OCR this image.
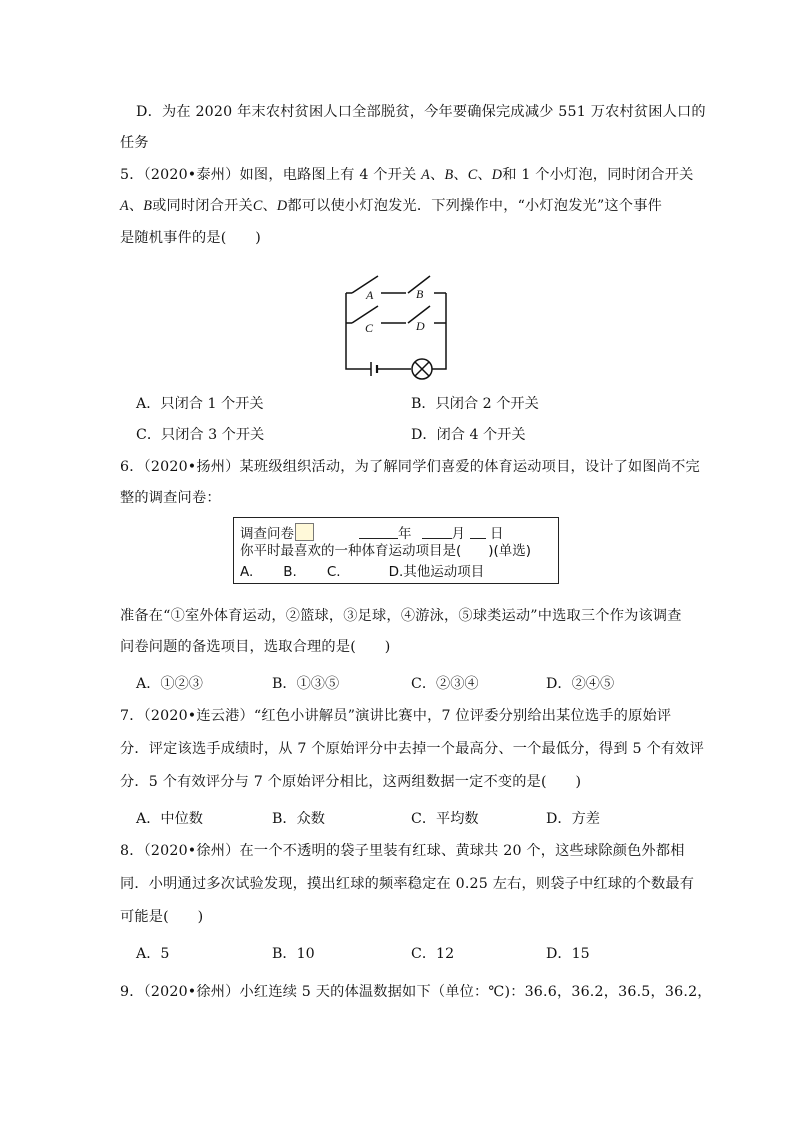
D．为在 2020 年末农村贫困人口全部脱贫，今年要确保完成减少 551 万农村贫困人口的
任务
5．（2020•泰州）如图，电路图上有 4 个开关 A、B、C、D和 1 个小灯泡，同时闭合开关
A、B或同时闭合开关C、D都可以使小灯泡发光．下列操作中，“小灯泡发光”这个事件
是随机事件的是(　　)
A	B
C	D
A．只闭合 1 个开关	B．只闭合 2 个开关
C．只闭合 3 个开关	D．闭合 4 个开关
6．（2020•扬州）某班级组织活动，为了解同学们喜爱的体育运动项目，设计了如图尚不完
整的调查问卷：
调查问卷	年	月 日
你平时最喜欢的一种体育运动项目是(　　)(单选)
A. B. C.	D.其他运动项目
准备在“①室外体育运动，②篮球，③足球，④游泳，⑤球类运动”中选取三个作为该调查
问卷问题的备选项目，选取合理的是(　　)
A．①②③	B．①③⑤	C．②③④	D．②④⑤
7．（2020•连云港）“红色小讲解员”演讲比赛中，7 位评委分别给出某位选手的原始评
分．评定该选手成绩时，从 7 个原始评分中去掉一个最高分、一个最低分，得到 5 个有效评
分．5 个有效评分与 7 个原始评分相比，这两组数据一定不变的是(　　)
A．中位数	B．众数	C．平均数	D．方差
8．（2020•徐州）在一个不透明的袋子里装有红球、黄球共 20 个，这些球除颜色外都相
同．小明通过多次试验发现，摸出红球的频率稳定在 0.25 左右，则袋子中红球的个数最有
可能是(　　)
A．5	B．10	C．12	D．15
9．（2020•徐州）小红连续 5 天的体温数据如下（单位：℃)：36.6，36.2，36.5，36.2，
